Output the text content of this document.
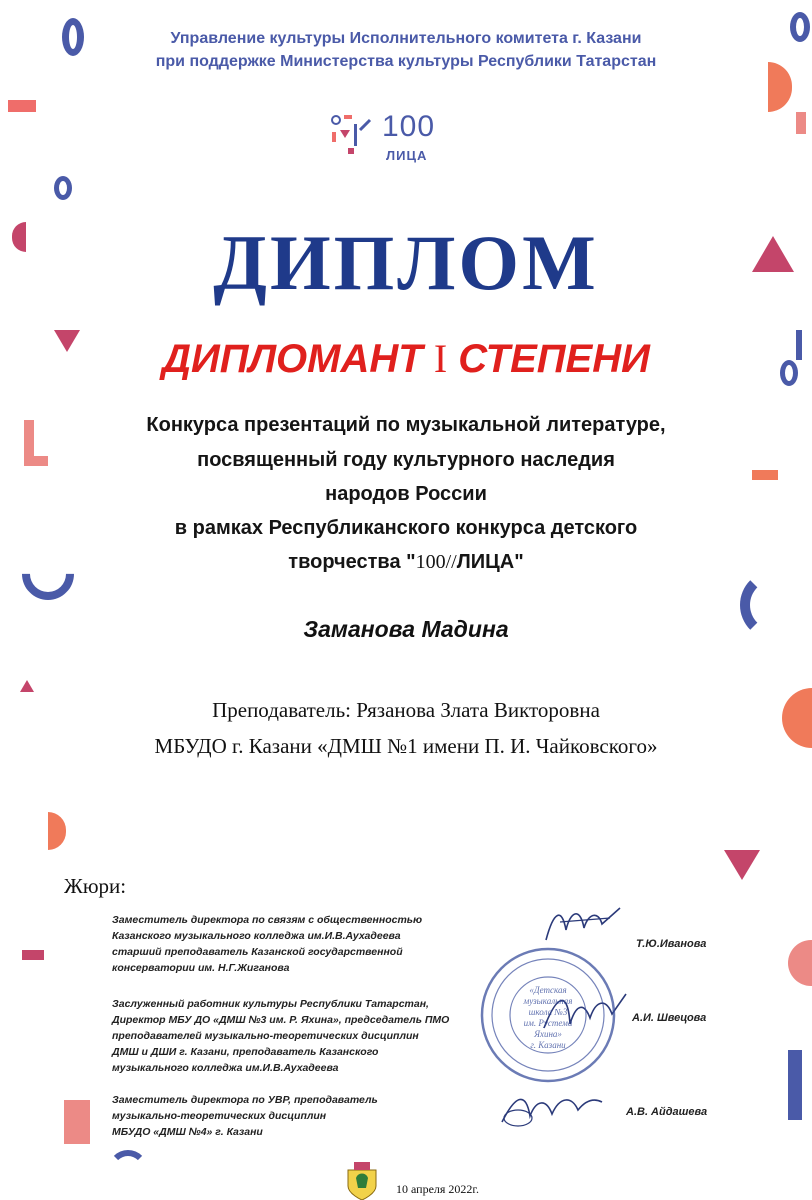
Управление культуры Исполнительного комитета г. Казани
при поддержке Министерства культуры Республики Татарстан
100
ЛИЦА
ДИПЛОМ
ДИПЛОМАНТ I СТЕПЕНИ
Конкурса презентаций по музыкальной литературе,
посвященный году культурного наследия
народов России
в рамках Республиканского конкурса детского
творчества "100//ЛИЦА"
Заманова Мадина
Преподаватель: Рязанова Злата Викторовна
МБУДО г. Казани «ДМШ №1 имени П. И. Чайковского»
Жюри:
Заместитель директора по связям с общественностью
Казанского музыкального колледжа им.И.В.Аухадеева
старший преподаватель Казанской государственной
консерватории им. Н.Г.Жиганова
Т.Ю.Иванова
Заслуженный работник культуры Республики Татарстан,
Директор МБУ ДО «ДМШ №3 им. Р. Яхина», председатель ПМО
преподавателей музыкально-теоретических дисциплин
ДМШ и ДШИ г. Казани, преподаватель Казанского
музыкального колледжа им.И.В.Аухадеева
А.И. Швецова
Заместитель директора по УВР, преподаватель
музыкально-теоретических дисциплин
МБУДО «ДМШ №4» г. Казани
А.В. Айдашева
«Детская
музыкальная
школа №3
им. Рустема Яхина»
г. Казани
10 апреля 2022г.
